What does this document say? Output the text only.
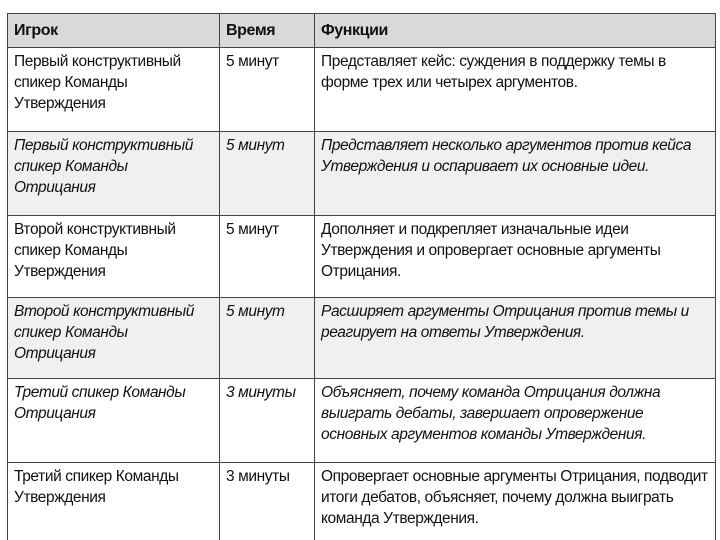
Игрок	Время	Функции
Первый конструктивный спикер Команды Утверждения	5 минут	Представляет кейс: суждения в поддержку темы в форме трех или четырех аргументов.
Первый конструктивный спикер Команды Отрицания	5 минут	Представляет несколько аргументов против кейса Утверждения и оспаривает их основные идеи.
Второй конструктивный спикер Команды Утверждения	5 минут	Дополняет и подкрепляет изначальные идеи Утверждения и опровергает основные аргументы Отрицания.
Второй конструктивный спикер Команды Отрицания	5 минут	Расширяет аргументы Отрицания против темы и реагирует на ответы Утверждения.
Третий спикер Команды Отрицания	3 минуты	Объясняет, почему команда Отрицания должна выиграть дебаты, завершает опровержение основных аргументов команды Утверждения.
Третий спикер Команды Утверждения	3 минуты	Опровергает основные аргументы Отрицания, подводит итоги дебатов, объясняет, почему должна выиграть команда Утверждения.
